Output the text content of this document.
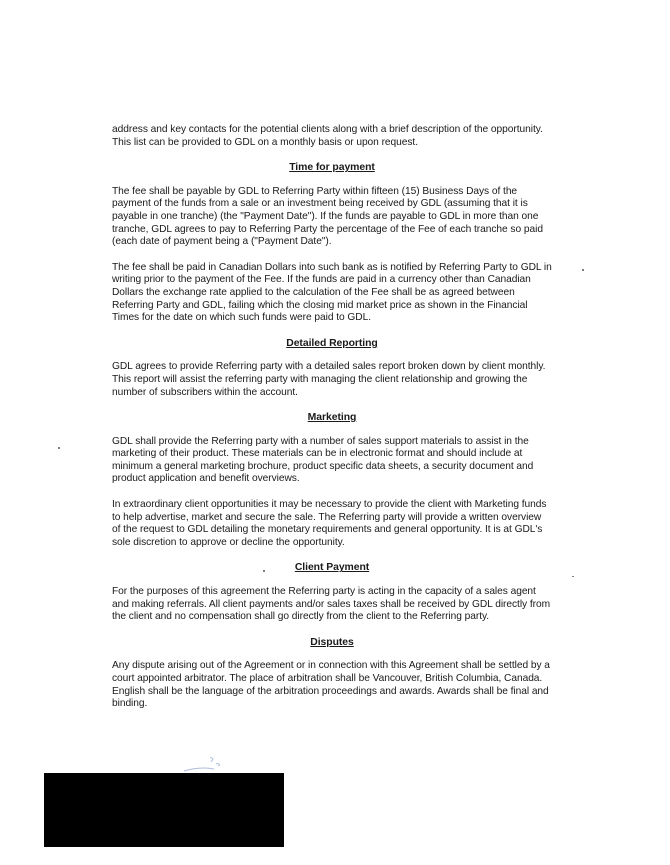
address and key contacts for the potential clients along with a brief description of the opportunity. This list can be provided to GDL on a monthly basis or upon request.

Time for payment

The fee shall be payable by GDL to Referring Party within fifteen (15) Business Days of the payment of the funds from a sale or an investment being received by GDL (assuming that it is payable in one tranche) (the "Payment Date"). If the funds are payable to GDL in more than one tranche, GDL agrees to pay to Referring Party the percentage of the Fee of each tranche so paid (each date of payment being a ("Payment Date").

The fee shall be paid in Canadian Dollars into such bank as is notified by Referring Party to GDL in writing prior to the payment of the Fee. If the funds are paid in a currency other than Canadian Dollars the exchange rate applied to the calculation of the Fee shall be as agreed between Referring Party and GDL, failing which the closing mid market price as shown in the Financial Times for the date on which such funds were paid to GDL.

Detailed Reporting

GDL agrees to provide Referring party with a detailed sales report broken down by client monthly. This report will assist the referring party with managing the client relationship and growing the number of subscribers within the account.

Marketing

GDL shall provide the Referring party with a number of sales support materials to assist in the marketing of their product. These materials can be in electronic format and should include at minimum a general marketing brochure, product specific data sheets, a security document and product application and benefit overviews.

In extraordinary client opportunities it may be necessary to provide the client with Marketing funds to help advertise, market and secure the sale. The Referring party will provide a written overview of the request to GDL detailing the monetary requirements and general opportunity. It is at GDL's sole discretion to approve or decline the opportunity.

Client Payment

For the purposes of this agreement the Referring party is acting in the capacity of a sales agent and making referrals. All client payments and/or sales taxes shall be received by GDL directly from the client and no compensation shall go directly from the client to the Referring party.

Disputes

Any dispute arising out of the Agreement or in connection with this Agreement shall be settled by a court appointed arbitrator. The place of arbitration shall be Vancouver, British Columbia, Canada. English shall be the language of the arbitration proceedings and awards. Awards shall be final and binding.
